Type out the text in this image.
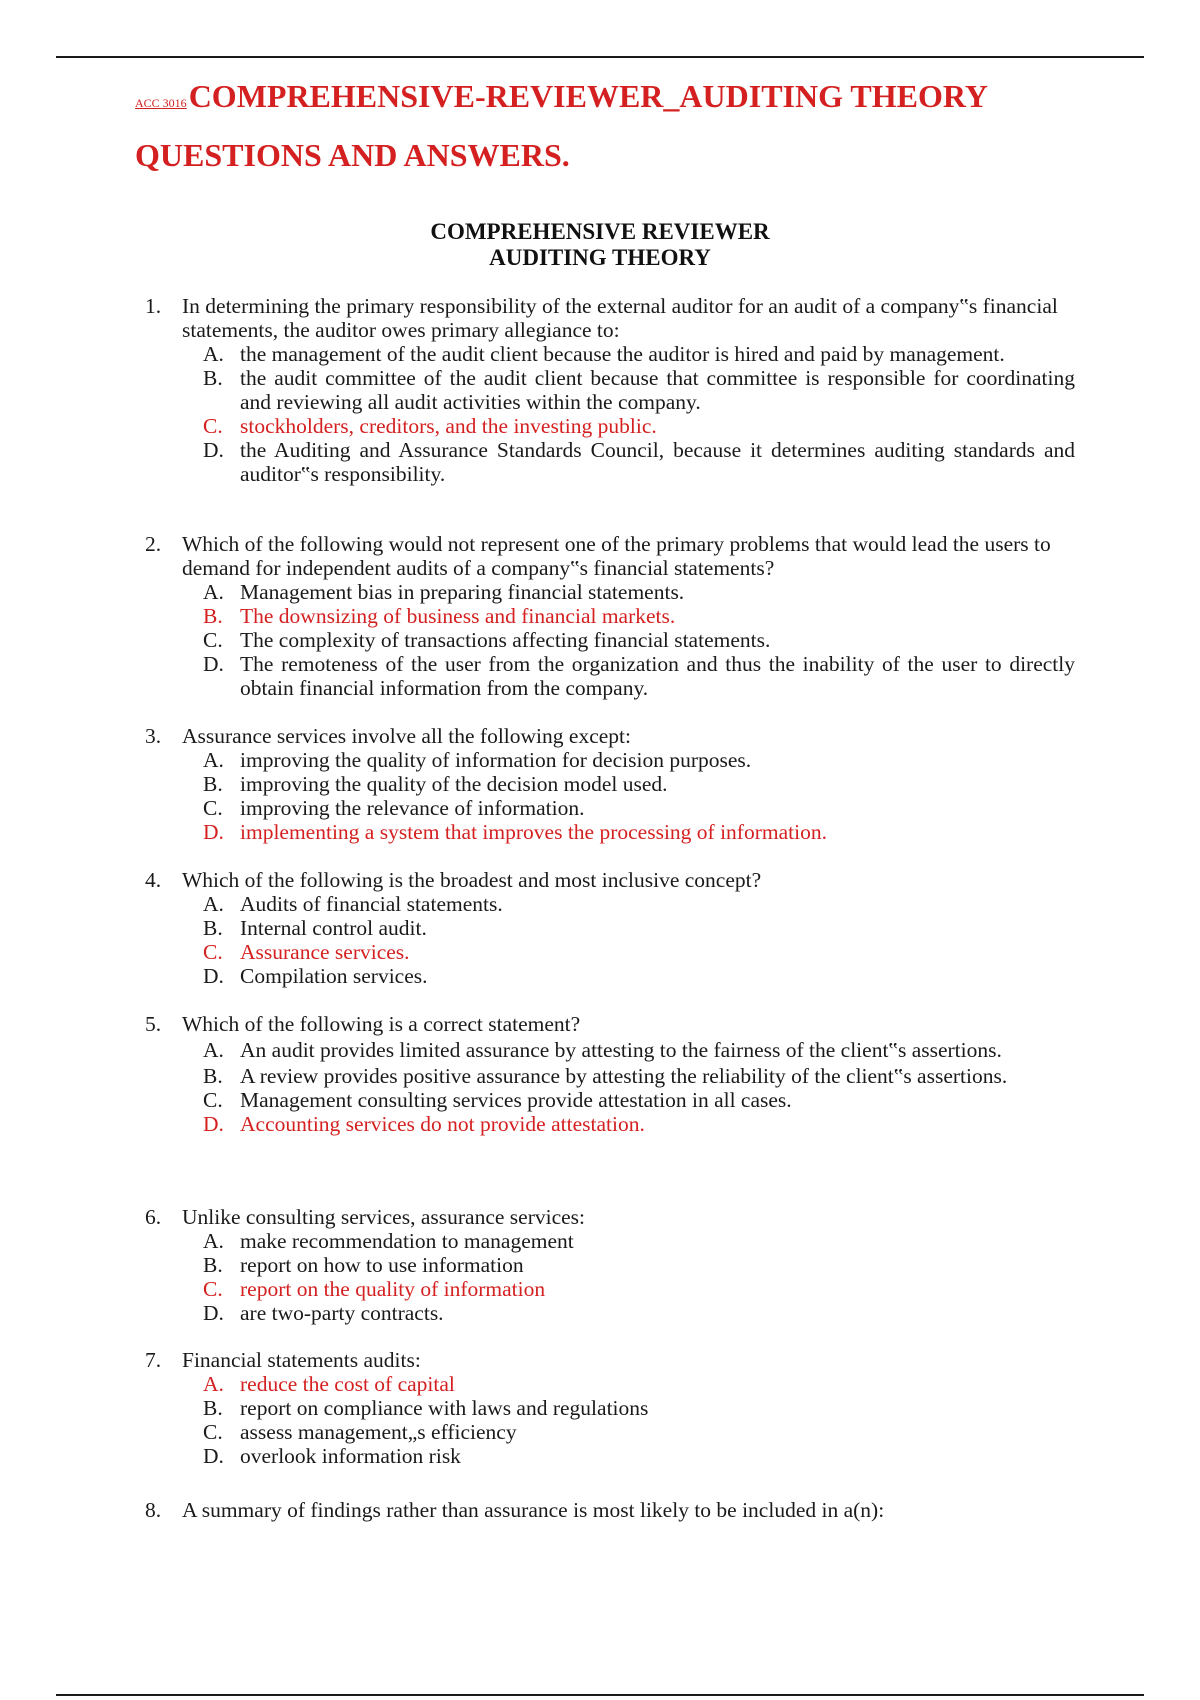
ACC 3016COMPREHENSIVE-REVIEWER_AUDITING THEORY
QUESTIONS AND ANSWERS.
COMPREHENSIVE REVIEWER
AUDITING THEORY
1. In determining the primary responsibility of the external auditor for an audit of a company‟s financial statements, the auditor owes primary allegiance to:
A. the management of the audit client because the auditor is hired and paid by management.
B. the audit committee of the audit client because that committee is responsible for coordinating and reviewing all audit activities within the company.
C. stockholders, creditors, and the investing public.
D. the Auditing and Assurance Standards Council, because it determines auditing standards and auditor‟s responsibility.
2. Which of the following would not represent one of the primary problems that would lead the users to demand for independent audits of a company‟s financial statements?
A. Management bias in preparing financial statements.
B. The downsizing of business and financial markets.
C. The complexity of transactions affecting financial statements.
D. The remoteness of the user from the organization and thus the inability of the user to directly obtain financial information from the company.
3. Assurance services involve all the following except:
A. improving the quality of information for decision purposes.
B. improving the quality of the decision model used.
C. improving the relevance of information.
D. implementing a system that improves the processing of information.
4. Which of the following is the broadest and most inclusive concept?
A. Audits of financial statements.
B. Internal control audit.
C. Assurance services.
D. Compilation services.
5. Which of the following is a correct statement?
A. An audit provides limited assurance by attesting to the fairness of the client‟s assertions.
B. A review provides positive assurance by attesting the reliability of the client‟s assertions.
C. Management consulting services provide attestation in all cases.
D. Accounting services do not provide attestation.
6. Unlike consulting services, assurance services:
A. make recommendation to management
B. report on how to use information
C. report on the quality of information
D. are two-party contracts.
7. Financial statements audits:
A. reduce the cost of capital
B. report on compliance with laws and regulations
C. assess management„s efficiency
D. overlook information risk
8. A summary of findings rather than assurance is most likely to be included in a(n):
